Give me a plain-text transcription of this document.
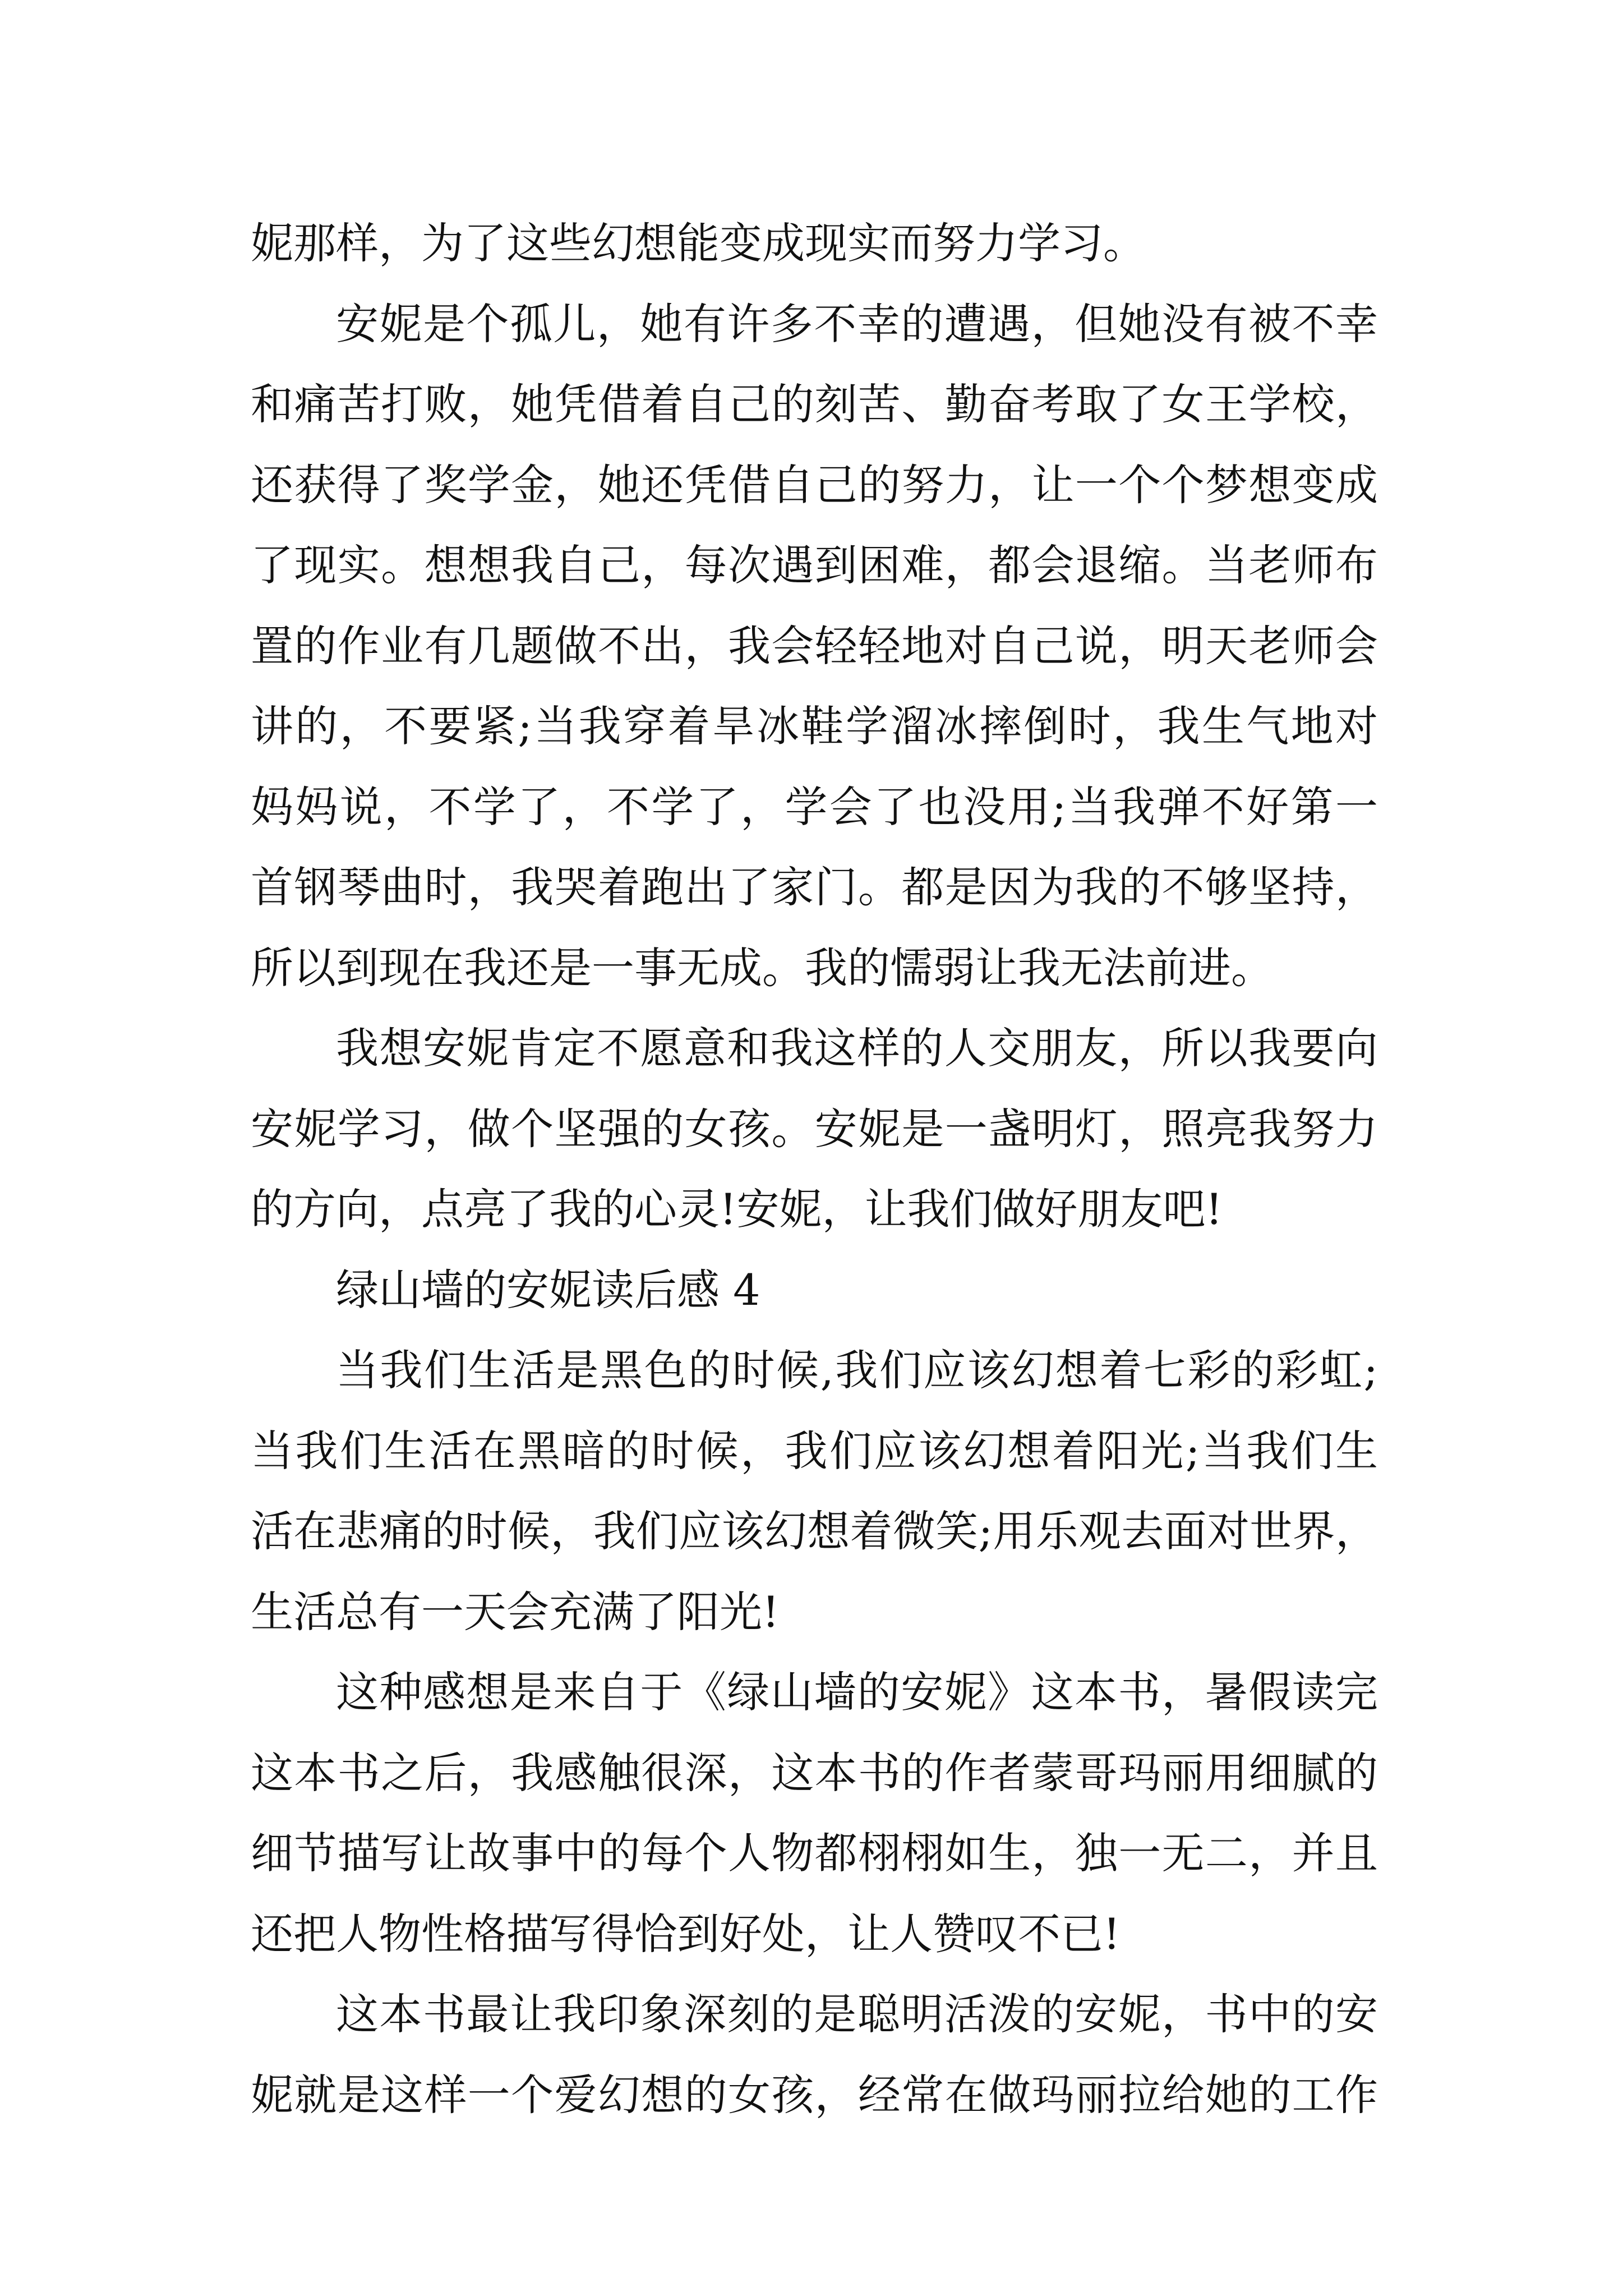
妮那样，为了这些幻想能变成现实而努力学习。
安妮是个孤儿，她有许多不幸的遭遇，但她没有被不幸
和痛苦打败，她凭借着自己的刻苦、勤奋考取了女王学校，
还获得了奖学金，她还凭借自己的努力，让一个个梦想变成
了现实。想想我自己，每次遇到困难，都会退缩。当老师布
置的作业有几题做不出，我会轻轻地对自己说，明天老师会
讲的，不要紧;当我穿着旱冰鞋学溜冰摔倒时，我生气地对
妈妈说，不学了，不学了，学会了也没用;当我弹不好第一
首钢琴曲时，我哭着跑出了家门。都是因为我的不够坚持，
所以到现在我还是一事无成。我的懦弱让我无法前进。
我想安妮肯定不愿意和我这样的人交朋友，所以我要向
安妮学习，做个坚强的女孩。安妮是一盏明灯，照亮我努力
的方向，点亮了我的心灵!安妮，让我们做好朋友吧!
绿山墙的安妮读后感 4
当我们生活是黑色的时候,我们应该幻想着七彩的彩虹;
当我们生活在黑暗的时候，我们应该幻想着阳光;当我们生
活在悲痛的时候，我们应该幻想着微笑;用乐观去面对世界，
生活总有一天会充满了阳光!
这种感想是来自于《绿山墙的安妮》这本书，暑假读完
这本书之后，我感触很深，这本书的作者蒙哥玛丽用细腻的
细节描写让故事中的每个人物都栩栩如生，独一无二，并且
还把人物性格描写得恰到好处，让人赞叹不已!
这本书最让我印象深刻的是聪明活泼的安妮，书中的安
妮就是这样一个爱幻想的女孩，经常在做玛丽拉给她的工作
